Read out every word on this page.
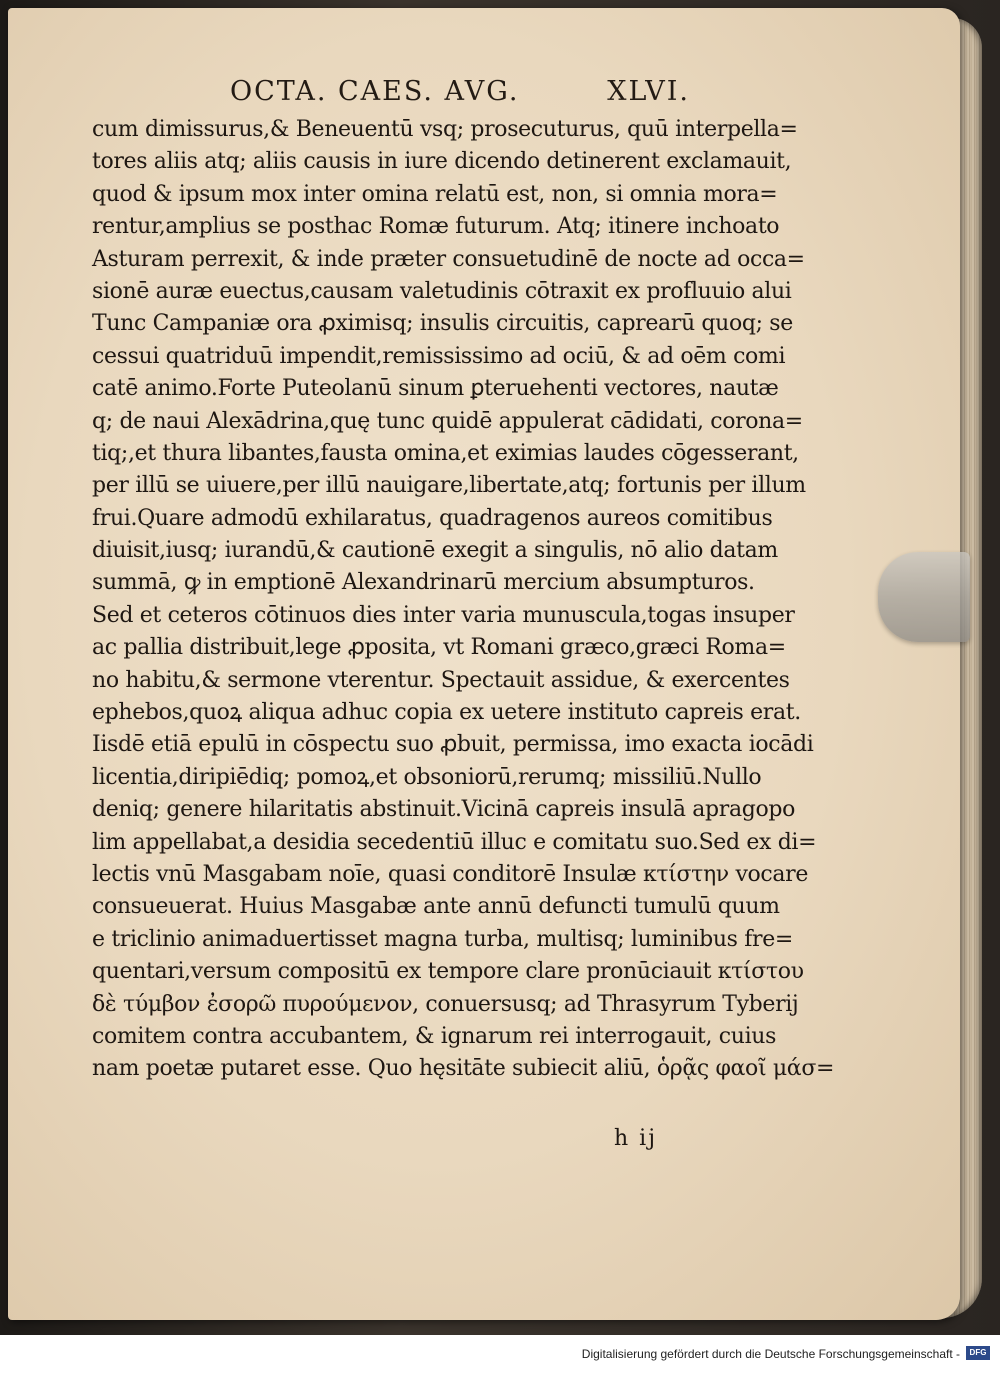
OCTA. CAES. AVG.	XLVI.
cum dimissurus,& Beneuentū vsq; prosecuturus, quū interpella=
tores aliis atq; aliis causis in iure dicendo detinerent exclamauit,
quod & ipsum mox inter omina relatū est, non, si omnia mora=
rentur,amplius se posthac Romæ futurum. Atq; itinere inchoato
Asturam perrexit, & inde præter consuetudinē de nocte ad occa=
sionē auræ euectus,causam valetudinis cōtraxit ex profluuio alui
Tunc Campaniæ ora ꝓximisq; insulis circuitis, caprearū quoq; se
cessui quatriduū impendit,remississimo ad ociū, & ad oēm comi
catē animo.Forte Puteolanū sinum ꝑteruehenti vectores, nautæ
q; de naui Alexādrina,quę tunc quidē appulerat cādidati, corona=
tiq;,et thura libantes,fausta omina,et eximias laudes cōgesserant,
per illū se uiuere,per illū nauigare,libertate,atq; fortunis per illum
frui.Quare admodū exhilaratus, quadragenos aureos comitibus
diuisit,iusq; iurandū,& cautionē exegit a singulis, nō alio datam
summā, ꝙ in emptionē Alexandrinarū mercium absumpturos.
Sed et ceteros cōtinuos dies inter varia munuscula,togas insuper
ac pallia distribuit,lege ꝓposita, vt Romani græco,græci Roma=
no habitu,& sermone vterentur. Spectauit assidue, & exercentes
ephebos,quoꝝ aliqua adhuc copia ex uetere instituto capreis erat.
Iisdē etiā epulū in cōspectu suo ꝓbuit, permissa, imo exacta iocādi
licentia,diripiēdiq; pomoꝝ,et obsoniorū,rerumq; missiliū.Nullo
deniq; genere hilaritatis abstinuit.Vicinā capreis insulā apragopo
lim appellabat,a desidia secedentiū illuc e comitatu suo.Sed ex di=
lectis vnū Masgabam noīe, quasi conditorē Insulæ κτίστην vocare
consueuerat. Huius Masgabæ ante annū defuncti tumulū quum
e triclinio animaduertisset magna turba, multisq; luminibus fre=
quentari,versum compositū ex tempore clare pronūciauit κτίστου
δὲ τύμβον ἐσορῶ πυρούμενον, conuersusq; ad Thrasyrum Tyberij
comitem contra accubantem, & ignarum rei interrogauit, cuius
nam poetæ putaret esse. Quo hęsitāte subiecit aliū, ὁρᾷς φαοῖ μάσ=
h ij
Digitalisierung gefördert durch die Deutsche Forschungsgemeinschaft -	DFG
